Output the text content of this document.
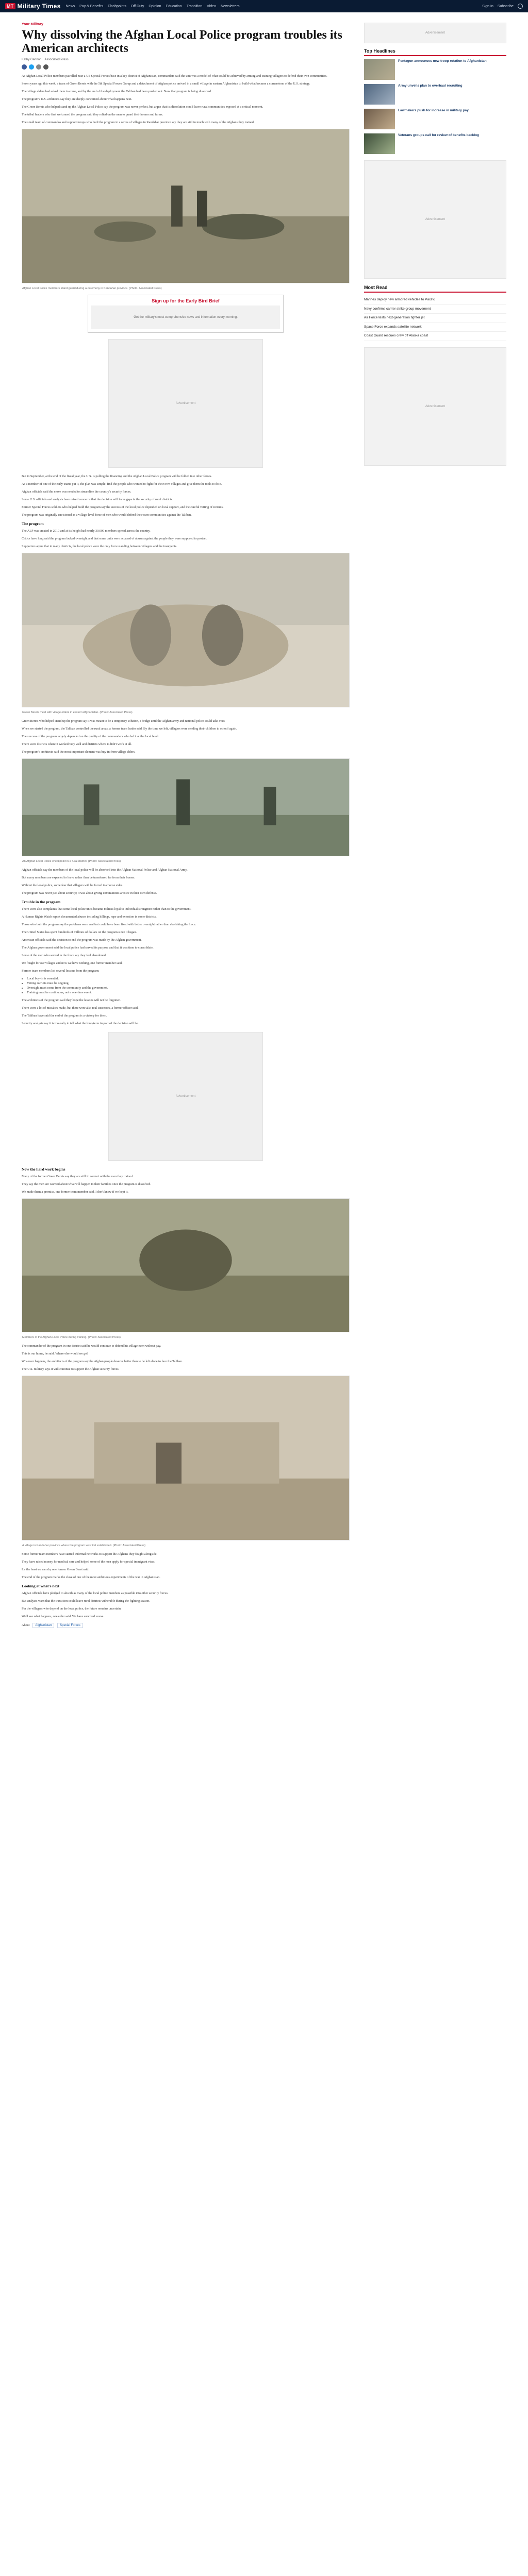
MT Military Times News Pay & Benefits Flashpoints Off Duty Opinion Education Transition Video Newsletters	Sign In Subscribe
Your Military
Why dissolving the Afghan Local Police program troubles its American architects
Kathy Gannon Associated Press

As Afghan Local Police members patrolled near a US Special Forces base in a key district of Afghanistan, commanders said the unit was a model of what could be achieved by arming and training villagers to defend their own communities.

Seven years ago this week, a team of Green Berets with the 5th Special Forces Group and a detachment of Afghan police arrived in a small village in eastern Afghanistan to build what became a cornerstone of the U.S. strategy.

The village elders had asked them to come, and by the end of the deployment the Taliban had been pushed out. Now that program is being dissolved.

The program's U.S. architects say they are deeply concerned about what happens next.

The Green Berets who helped stand up the Afghan Local Police say the program was never perfect, but argue that its dissolution could leave rural communities exposed at a critical moment.

The tribal leaders who first welcomed the program said they relied on the men to guard their homes and farms.

The small team of commandos and support troops who built the program in a series of villages in Kandahar province say they are still in touch with many of the Afghans they trained.

Afghan Local Police members stand guard during a ceremony in Kandahar province. (Photo: Associated Press)
Sign up for the Early Bird Brief
Get the military's most comprehensive news and information every morning.
Advertisement

But in September, at the end of the fiscal year, the U.S. is pulling the financing and the Afghan Local Police program will be folded into other forces.

As a member of one of the early teams put it, the plan was simple: find the people who wanted to fight for their own villages and give them the tools to do it.

Afghan officials said the move was needed to streamline the country's security forces.

Some U.S. officials and analysts have raised concerns that the decision will leave gaps in the security of rural districts.

Former Special Forces soldiers who helped build the program say the success of the local police depended on local support, and the careful vetting of recruits.

The program was originally envisioned as a village-level force of men who would defend their own communities against the Taliban.

The program

The ALP was created in 2010 and at its height had nearly 30,000 members spread across the country.

Critics have long said the program lacked oversight and that some units were accused of abuses against the people they were supposed to protect.

Supporters argue that in many districts, the local police were the only force standing between villagers and the insurgents.

Green Berets meet with village elders in eastern Afghanistan. (Photo: Associated Press)

Green Berets who helped stand up the program say it was meant to be a temporary solution, a bridge until the Afghan army and national police could take over.

When we started the program, the Taliban controlled the rural areas, a former team leader said. By the time we left, villagers were sending their children to school again.

The success of the program largely depended on the quality of the commanders who led it at the local level.

There were districts where it worked very well and districts where it didn't work at all.

The program's architects said the most important element was buy-in from village elders.

An Afghan Local Police checkpoint in a rural district. (Photo: Associated Press)

Afghan officials say the members of the local police will be absorbed into the Afghan National Police and Afghan National Army.

But many members are expected to leave rather than be transferred far from their homes.

Without the local police, some fear that villagers will be forced to choose sides.

The program was never just about security; it was about giving communities a voice in their own defense.

Trouble in the program

There were also complaints that some local police units became militias loyal to individual strongmen rather than to the government.

A Human Rights Watch report documented abuses including killings, rape and extortion in some districts.

Those who built the program say the problems were real but could have been fixed with better oversight rather than abolishing the force.

The United States has spent hundreds of millions of dollars on the program since it began.

American officials said the decision to end the program was made by the Afghan government.

The Afghan government said the local police had served its purpose and that it was time to consolidate.

Some of the men who served in the force say they feel abandoned.

We fought for our villages and now we have nothing, one former member said.

Former team members list several lessons from the program:
• Local buy-in is essential.
• Vetting recruits must be ongoing.
• Oversight must come from the community and the government.
• Training must be continuous, not a one-time event.

The architects of the program said they hope the lessons will not be forgotten.

There were a lot of mistakes made, but there were also real successes, a former officer said.

The Taliban have said the end of the program is a victory for them.

Security analysts say it is too early to tell what the long-term impact of the decision will be.

Advertisement
Now the hard work begins

Many of the former Green Berets say they are still in contact with the men they trained.

They say the men are worried about what will happen to their families once the program is dissolved.

We made them a promise, one former team member said. I don't know if we kept it.

Members of the Afghan Local Police during training. (Photo: Associated Press)

The commander of the program in one district said he would continue to defend his village even without pay.

This is our home, he said. Where else would we go?

Whatever happens, the architects of the program say the Afghan people deserve better than to be left alone to face the Taliban.

The U.S. military says it will continue to support the Afghan security forces.

A village in Kandahar province where the program was first established. (Photo: Associated Press)

Some former team members have started informal networks to support the Afghans they fought alongside.

They have raised money for medical care and helped some of the men apply for special immigrant visas.

It's the least we can do, one former Green Beret said.

The end of the program marks the close of one of the most ambitious experiments of the war in Afghanistan.

Looking at what's next

Afghan officials have pledged to absorb as many of the local police members as possible into other security forces.

But analysts warn that the transition could leave rural districts vulnerable during the fighting season.

For the villagers who depend on the local police, the future remains uncertain.

We'll see what happens, one elder said. We have survived worse.

About	Afghanistan	Special Forces
Advertisement
Top Headlines
Pentagon announces new troop rotation to Afghanistan
Army unveils plan to overhaul recruiting
Lawmakers push for increase in military pay
Veterans groups call for review of benefits backlog
Advertisement
Most Read
Marines deploy new armored vehicles to Pacific
Navy confirms carrier strike group movement
Air Force tests next-generation fighter jet
Space Force expands satellite network
Coast Guard rescues crew off Alaska coast
Advertisement
